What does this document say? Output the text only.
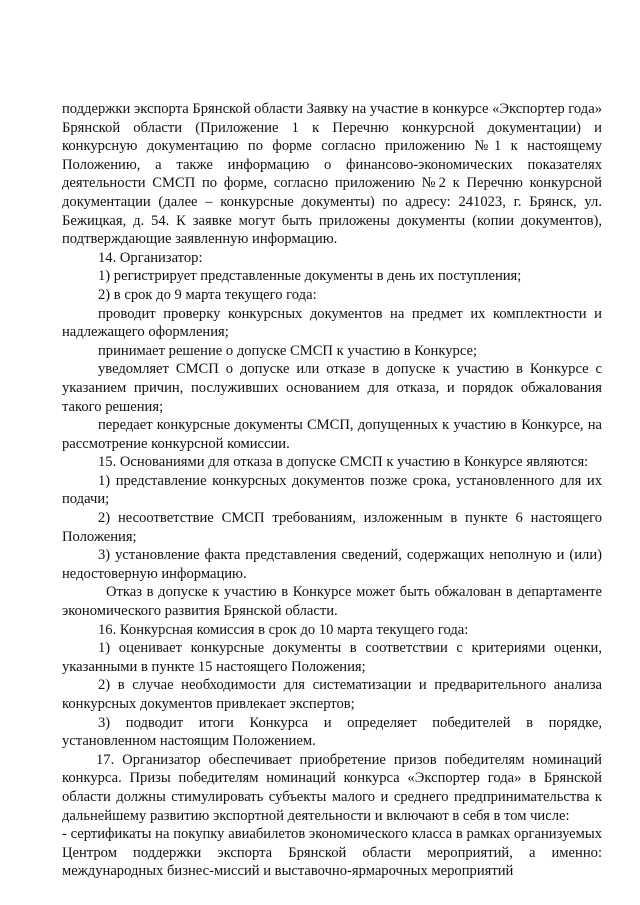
поддержки экспорта Брянской области Заявку на участие в конкурсе «Экспортер года» Брянской области (Приложение 1 к Перечню конкурсной документации) и конкурсную документацию по форме согласно приложению №1 к настоящему Положению, а также информацию о финансово-экономических показателях деятельности СМСП по форме, согласно приложению №2 к Перечню конкурсной документации (далее – конкурсные документы) по адресу: 241023, г. Брянск, ул. Бежицкая, д. 54. К заявке могут быть приложены документы (копии документов), подтверждающие заявленную информацию.

14. Организатор:

1) регистрирует представленные документы в день их поступления;

2) в срок до 9 марта текущего года:

проводит проверку конкурсных документов на предмет их комплектности и надлежащего оформления;

принимает решение о допуске СМСП к участию в Конкурсе;

уведомляет СМСП о допуске или отказе в допуске к участию в Конкурсе с указанием причин, послуживших основанием для отказа, и порядок обжалования такого решения;

передает конкурсные документы СМСП, допущенных к участию в Конкурсе, на рассмотрение конкурсной комиссии.

15. Основаниями для отказа в допуске СМСП к участию в Конкурсе являются:

1) представление конкурсных документов позже срока, установленного для их подачи;

2) несоответствие СМСП требованиям, изложенным в пункте 6 настоящего Положения;

3) установление факта представления сведений, содержащих неполную и (или) недостоверную информацию.

Отказ в допуске к участию в Конкурсе может быть обжалован в департаменте экономического развития Брянской области.

16. Конкурсная комиссия в срок до 10 марта текущего года:

1) оценивает конкурсные документы в соответствии с критериями оценки, указанными в пункте 15 настоящего Положения;

2) в случае необходимости для систематизации и предварительного анализа конкурсных документов привлекает экспертов;

3) подводит итоги Конкурса и определяет победителей в порядке, установленном настоящим Положением.

17. Организатор обеспечивает приобретение призов победителям номинаций конкурса. Призы победителям номинаций конкурса «Экспортер года» в Брянской области должны стимулировать субъекты малого и среднего предпринимательства к дальнейшему развитию экспортной деятельности и включают в себя в том числе:

- сертификаты на покупку авиабилетов экономического класса в рамках организуемых Центром поддержки экспорта Брянской области мероприятий, а именно: международных бизнес-миссий и выставочно-ярмарочных мероприятий
